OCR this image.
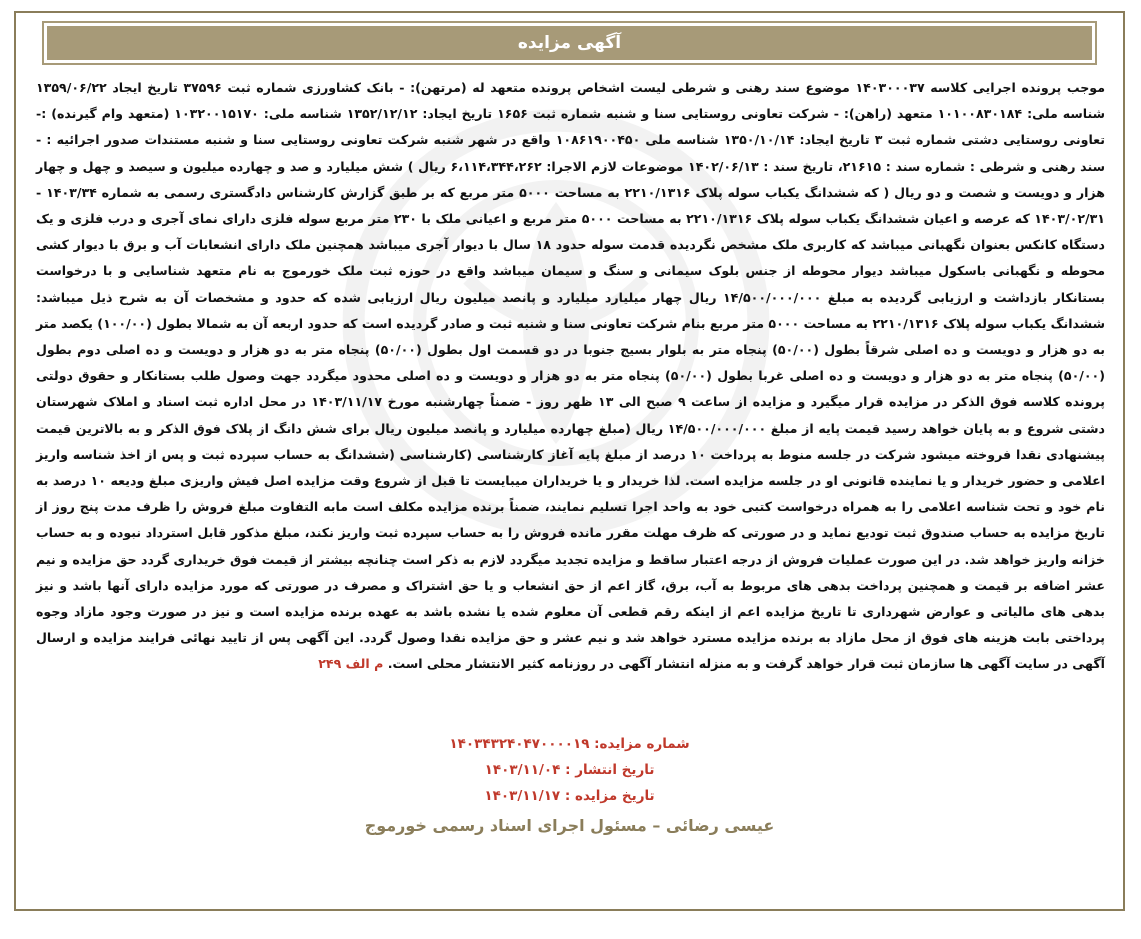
آگهی مزایده
موجب پرونده اجرایی کلاسه ۱۴۰۳۰۰۰۳۷ موضوع سند رهنی و شرطی لیست اشخاص پرونده متعهد له (مرتهن): - بانک کشاورزی شماره ثبت ۳۷۵۹۶ تاریخ ایجاد ۱۳۵۹/۰۶/۲۲ شناسه ملی: ۱۰۱۰۰۸۳۰۱۸۴ متعهد (راهن): - شرکت تعاونی روستایی سنا و شنبه شماره ثبت ۱۶۵۶ تاریخ ایجاد: ۱۳۵۲/۱۲/۱۲ شناسه ملی: ۱۰۳۲۰۰۱۵۱۷۰ (متعهد وام گیرنده) :- تعاونی روستایی دشتی شماره ثبت ۳ تاریخ ایجاد: ۱۳۵۰/۱۰/۱۴ شناسه ملی ۱۰۸۶۱۹۰۰۴۵۰ واقع در شهر شنبه شرکت تعاونی روستایی سنا و شنبه مستندات صدور اجرائیه : - سند رهنی و شرطی : شماره سند : ۲۱۶۱۵، تاریخ سند : ۱۴۰۲/۰۶/۱۳ موضوعات لازم الاجرا: ۶،۱۱۴،۳۴۴،۲۶۲ ریال ) شش میلیارد و صد و چهارده میلیون و سیصد و چهل و چهار هزار و دویست و شصت و دو ریال ( که ششدانگ یکباب سوله پلاک ۲۲۱۰/۱۳۱۶ به مساحت ۵۰۰۰ متر مربع که بر طبق گزارش کارشناس دادگستری رسمی به شماره ۱۴۰۳/۳۴ - ۱۴۰۳/۰۲/۳۱ که عرصه و اعیان ششدانگ یکباب سوله پلاک ۲۲۱۰/۱۳۱۶ به مساحت ۵۰۰۰ متر مربع و اعیانی ملک با ۲۳۰ متر مربع سوله فلزی دارای نمای آجری و درب فلزی و یک دستگاه کانکس بعنوان نگهبانی میباشد که کاربری ملک مشخص نگردیده قدمت سوله حدود ۱۸ سال با دیوار آجری میباشد همچنین ملک دارای انشعابات آب و برق با دیوار کشی محوطه و نگهبانی باسکول میباشد دیوار محوطه از جنس بلوک سیمانی و سنگ و سیمان میباشد واقع در حوزه ثبت ملک خورموج به نام متعهد شناسایی و با درخواست بستانکار بازداشت و ارزیابی گردیده به مبلغ ۱۴/۵۰۰/۰۰۰/۰۰۰ ریال چهار میلیارد میلیارد و پانصد میلیون ریال ارزیابی شده که حدود و مشخصات آن به شرح ذیل میباشد: ششدانگ یکباب سوله پلاک ۲۲۱۰/۱۳۱۶ به مساحت ۵۰۰۰ متر مربع بنام شرکت تعاونی سنا و شنبه ثبت و صادر گردیده است که حدود اربعه آن به شمالا بطول (۱۰۰/۰۰) یکصد متر به دو هزار و دویست و ده اصلی شرقاً بطول (۵۰/۰۰) پنجاه متر به بلوار بسیج جنوبا در دو قسمت اول بطول (۵۰/۰۰) پنجاه متر به دو هزار و دویست و ده اصلی دوم بطول (۵۰/۰۰) پنجاه متر به دو هزار و دویست و ده اصلی غربا بطول (۵۰/۰۰) پنجاه متر به دو هزار و دویست و ده اصلی محدود میگردد جهت وصول طلب بستانکار و حقوق دولتی پرونده کلاسه فوق الذکر در مزایده قرار میگیرد و مزایده از ساعت ۹ صبح الی ۱۳ ظهر روز - ضمناً چهارشنبه مورخ ۱۴۰۳/۱۱/۱۷ در محل اداره ثبت اسناد و املاک شهرستان دشتی شروع و به پایان خواهد رسید قیمت پایه از مبلغ ۱۴/۵۰۰/۰۰۰/۰۰۰ ریال (مبلغ چهارده میلیارد و پانصد میلیون ریال برای شش دانگ از پلاک فوق الذکر و به بالاترین قیمت پیشنهادی نقدا فروخته میشود شرکت در جلسه منوط به پرداخت ۱۰ درصد از مبلغ پایه آغاز کارشناسی (کارشناسی (ششدانگ به حساب سپرده ثبت و پس از اخذ شناسه واریز اعلامی و حضور خریدار و یا نماینده قانونی او در جلسه مزایده است. لذا خریدار و یا خریداران میبایست تا قبل از شروع وقت مزایده اصل فیش واریزی مبلغ ودیعه ۱۰ درصد به نام خود و تحت شناسه اعلامی را به همراه درخواست کتبی خود به واحد اجرا تسلیم نمایند، ضمناً برنده مزایده مکلف است مابه التفاوت مبلغ فروش را ظرف مدت پنج روز از تاریخ مزایده به حساب صندوق ثبت تودیع نماید و در صورتی که ظرف مهلت مقرر مانده فروش را به حساب سپرده ثبت واریز نکند، مبلغ مذکور قابل استرداد نبوده و به حساب خزانه واریز خواهد شد. در این صورت عملیات فروش از درجه اعتبار ساقط و مزایده تجدید میگردد لازم به ذکر است چنانچه بیشتر از قیمت فوق خریداری گردد حق مزایده و نیم عشر اضافه بر قیمت و همچنین پرداخت بدهی های مربوط به آب، برق، گاز اعم از حق انشعاب و یا حق اشتراک و مصرف در صورتی که مورد مزایده دارای آنها باشد و نیز بدهی های مالیاتی و عوارض شهرداری تا تاریخ مزایده اعم از اینکه رقم قطعی آن معلوم شده یا نشده باشد به عهده برنده مزایده است و نیز در صورت وجود مازاد وجوه پرداختی بابت هزینه های فوق از محل مازاد به برنده مزایده مسترد خواهد شد و نیم عشر و حق مزایده نقدا وصول گردد. این آگهی پس از تایید نهائی فرایند مزایده و ارسال آگهی در سایت آگهی ها سازمان ثبت قرار خواهد گرفت و به منزله انتشار آگهی در روزنامه کثیر الانتشار محلی است. م الف ۲۴۹
شماره مزایده: ۱۴۰۳۴۳۲۴۰۴۷۰۰۰۰۱۹
تاریخ انتشار : ۱۴۰۳/۱۱/۰۴
تاریخ مزایده : ۱۴۰۳/۱۱/۱۷
عیسی رضائی – مسئول اجرای اسناد رسمی خورموج
